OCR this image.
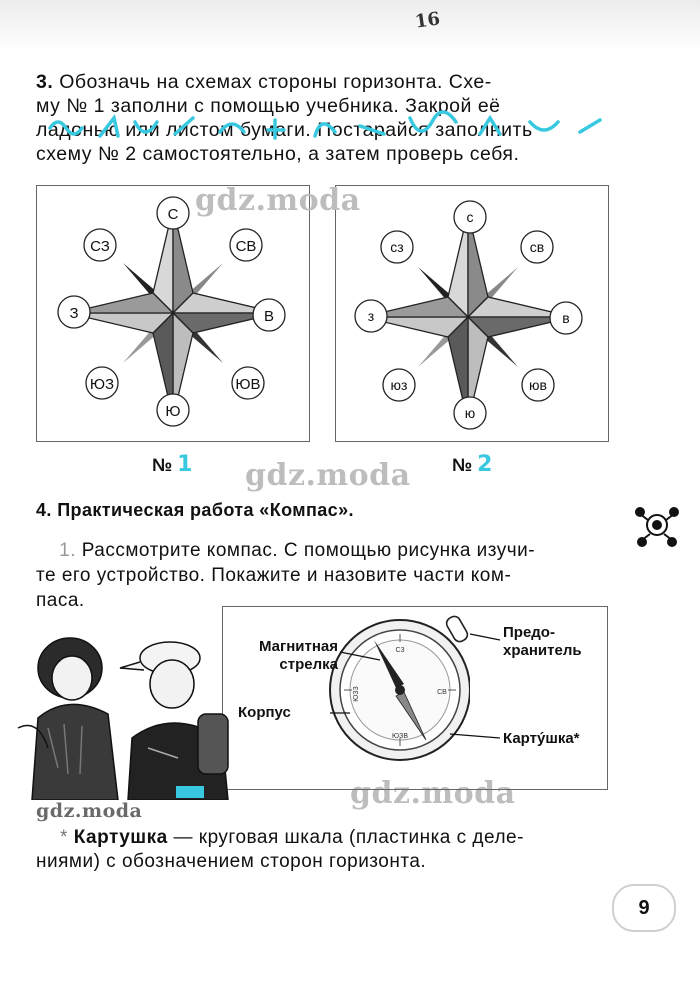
16
3. Обозначь на схемах стороны горизонта. Схе-
му № 1 заполни с помощью учебника. Закрой её
ладонью или листом бумаги. Постарайся заполнить
схему № 2 самостоятельно, а затем проверь себя.
С
СВ
В
ЮВ
Ю
ЮЗ
З
СЗ
с
св
в
юв
ю
юз
з
сз
gdz.moda
gdz.moda
gdz.moda
gdz.moda
№ 1	№ 2
4. Практическая работа «Компас».
1. Рассмотрите компас. С помощью рисунка изучи-
те его устройство. Покажите и назовите части ком-
паса.
С3
СВ
ЮЗВ
ЮЗЗ
Магнитная
стрелка
Корпус
Предо-
хранитель
Картýшка*
* Картушка — круговая шкала (пластинка с деле-
ниями) с обозначением сторон горизонта.
9
